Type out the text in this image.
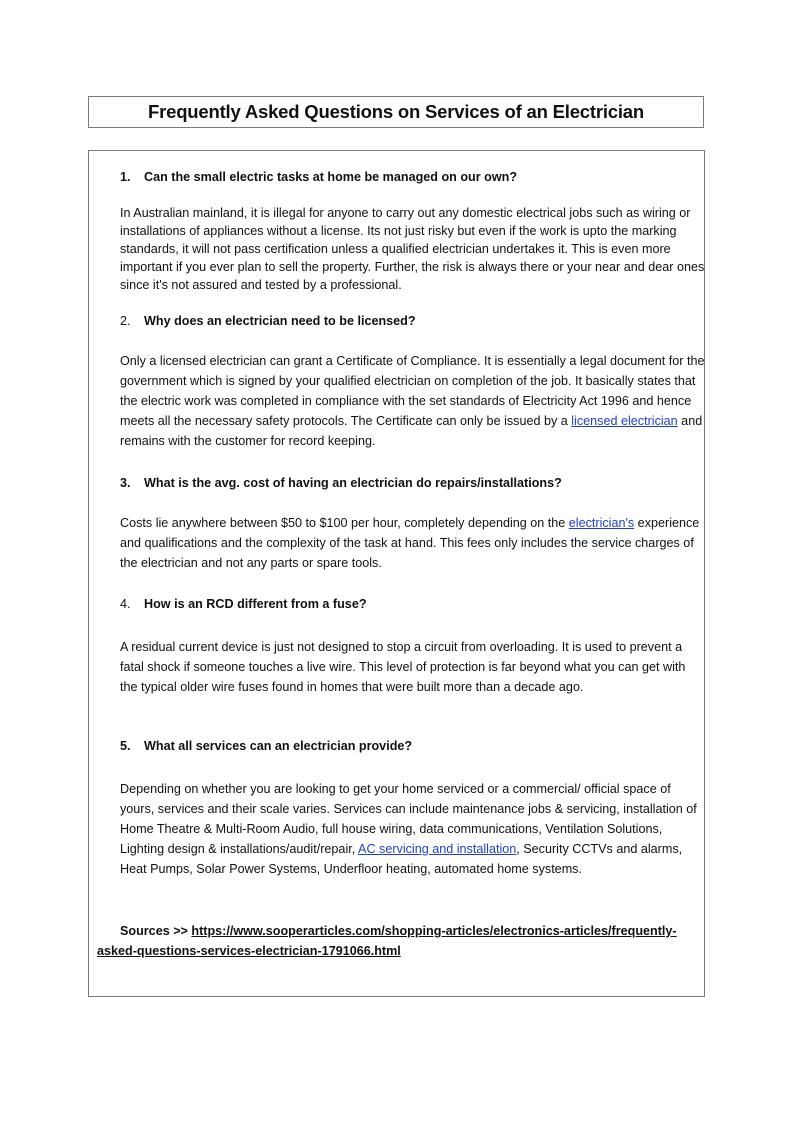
Frequently Asked Questions on Services of an Electrician
1.	Can the small electric tasks at home be managed on our own?
In Australian mainland, it is illegal for anyone to carry out any domestic electrical jobs such as wiring or installations of appliances without a license. Its not just risky but even if the work is upto the marking standards, it will not pass certification unless a qualified electrician undertakes it. This is even more important if you ever plan to sell the property. Further, the risk is always there or your near and dear ones since it's not assured and tested by a professional.
2.	Why does an electrician need to be licensed?
Only a licensed electrician can grant a Certificate of Compliance. It is essentially a legal document for the government which is signed by your qualified electrician on completion of the job. It basically states that the electric work was completed in compliance with the set standards of Electricity Act 1996 and hence meets all the necessary safety protocols. The Certificate can only be issued by a licensed electrician and remains with the customer for record keeping.
3.	What is the avg. cost of having an electrician do repairs/installations?
Costs lie anywhere between $50 to $100 per hour, completely depending on the electrician's experience and qualifications and the complexity of the task at hand. This fees only includes the service charges of the electrician and not any parts or spare tools.
4.	How is an RCD different from a fuse?
A residual current device is just not designed to stop a circuit from overloading. It is used to prevent a fatal shock if someone touches a live wire. This level of protection is far beyond what you can get with the typical older wire fuses found in homes that were built more than a decade ago.
5.	What all services can an electrician provide?
Depending on whether you are looking to get your home serviced or a commercial/ official space of yours, services and their scale varies. Services can include maintenance jobs & servicing, installation of Home Theatre & Multi-Room Audio, full house wiring, data communications, Ventilation Solutions, Lighting design & installations/audit/repair, AC servicing and installation, Security CCTVs and alarms, Heat Pumps, Solar Power Systems, Underfloor heating, automated home systems.
Sources >> https://www.sooperarticles.com/shopping-articles/electronics-articles/frequently-asked-questions-services-electrician-1791066.html
